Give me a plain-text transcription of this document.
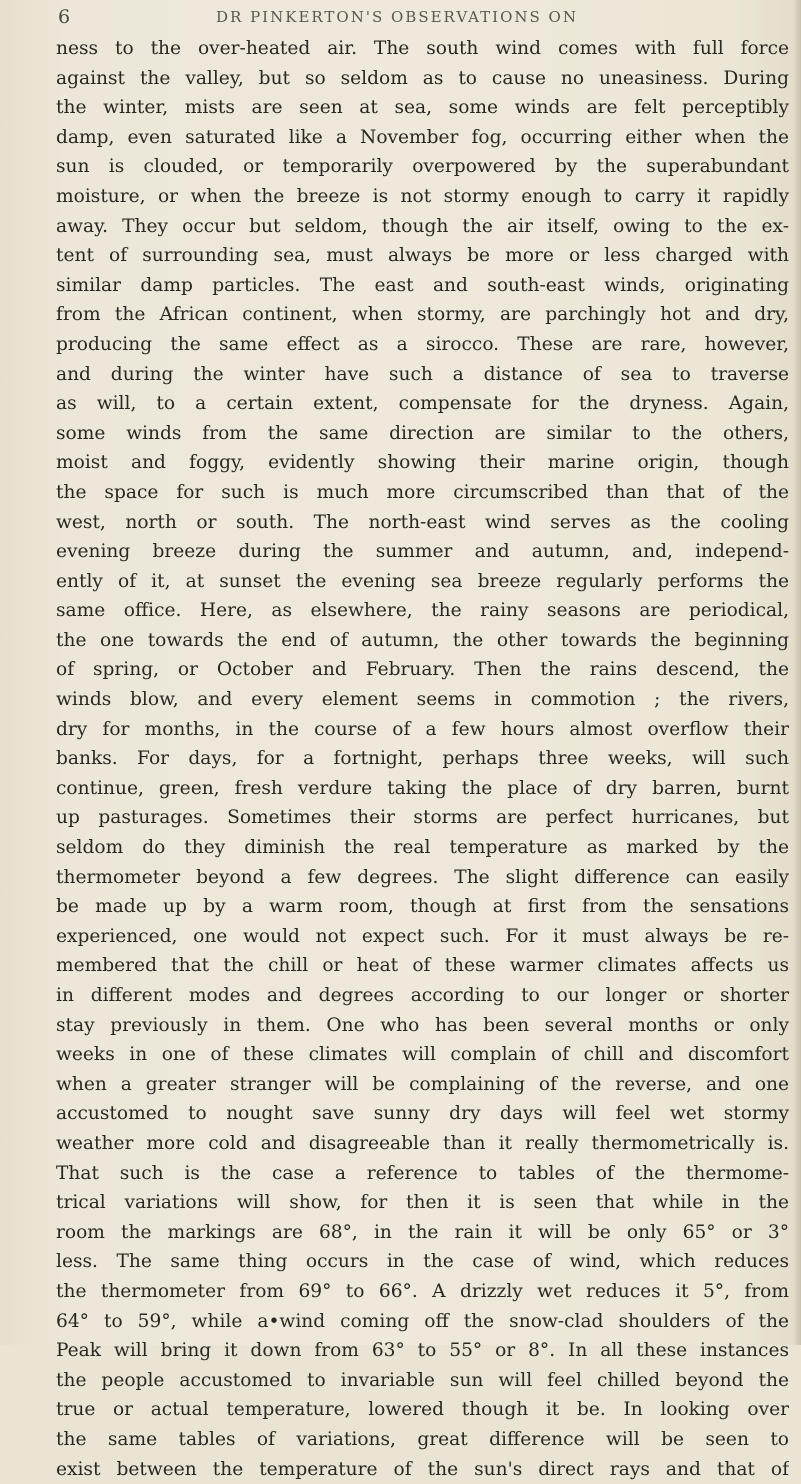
6	DR PINKERTON'S OBSERVATIONS ON
ness to the over-heated air. The south wind comes with full force
against the valley, but so seldom as to cause no uneasiness. During
the winter, mists are seen at sea, some winds are felt perceptibly
damp, even saturated like a November fog, occurring either when the
sun is clouded, or temporarily overpowered by the superabundant
moisture, or when the breeze is not stormy enough to carry it rapidly
away. They occur but seldom, though the air itself, owing to the ex-
tent of surrounding sea, must always be more or less charged with
similar damp particles. The east and south-east winds, originating
from the African continent, when stormy, are parchingly hot and dry,
producing the same effect as a sirocco. These are rare, however,
and during the winter have such a distance of sea to traverse
as will, to a certain extent, compensate for the dryness. Again,
some winds from the same direction are similar to the others,
moist and foggy, evidently showing their marine origin, though
the space for such is much more circumscribed than that of the
west, north or south. The north-east wind serves as the cooling
evening breeze during the summer and autumn, and, independ-
ently of it, at sunset the evening sea breeze regularly performs the
same office. Here, as elsewhere, the rainy seasons are periodical,
the one towards the end of autumn, the other towards the beginning
of spring, or October and February. Then the rains descend, the
winds blow, and every element seems in commotion ; the rivers,
dry for months, in the course of a few hours almost overflow their
banks. For days, for a fortnight, perhaps three weeks, will such
continue, green, fresh verdure taking the place of dry barren, burnt
up pasturages. Sometimes their storms are perfect hurricanes, but
seldom do they diminish the real temperature as marked by the
thermometer beyond a few degrees. The slight difference can easily
be made up by a warm room, though at first from the sensations
experienced, one would not expect such. For it must always be re-
membered that the chill or heat of these warmer climates affects us
in different modes and degrees according to our longer or shorter
stay previously in them. One who has been several months or only
weeks in one of these climates will complain of chill and discomfort
when a greater stranger will be complaining of the reverse, and one
accustomed to nought save sunny dry days will feel wet stormy
weather more cold and disagreeable than it really thermometrically is.
That such is the case a reference to tables of the thermome-
trical variations will show, for then it is seen that while in the
room the markings are 68°, in the rain it will be only 65° or 3°
less. The same thing occurs in the case of wind, which reduces
the thermometer from 69° to 66°. A drizzly wet reduces it 5°, from
64° to 59°, while a•wind coming off the snow-clad shoulders of the
Peak will bring it down from 63° to 55° or 8°. In all these instances
the people accustomed to invariable sun will feel chilled beyond the
true or actual temperature, lowered though it be. In looking over
the same tables of variations, great difference will be seen to
exist between the temperature of the sun's direct rays and that of
